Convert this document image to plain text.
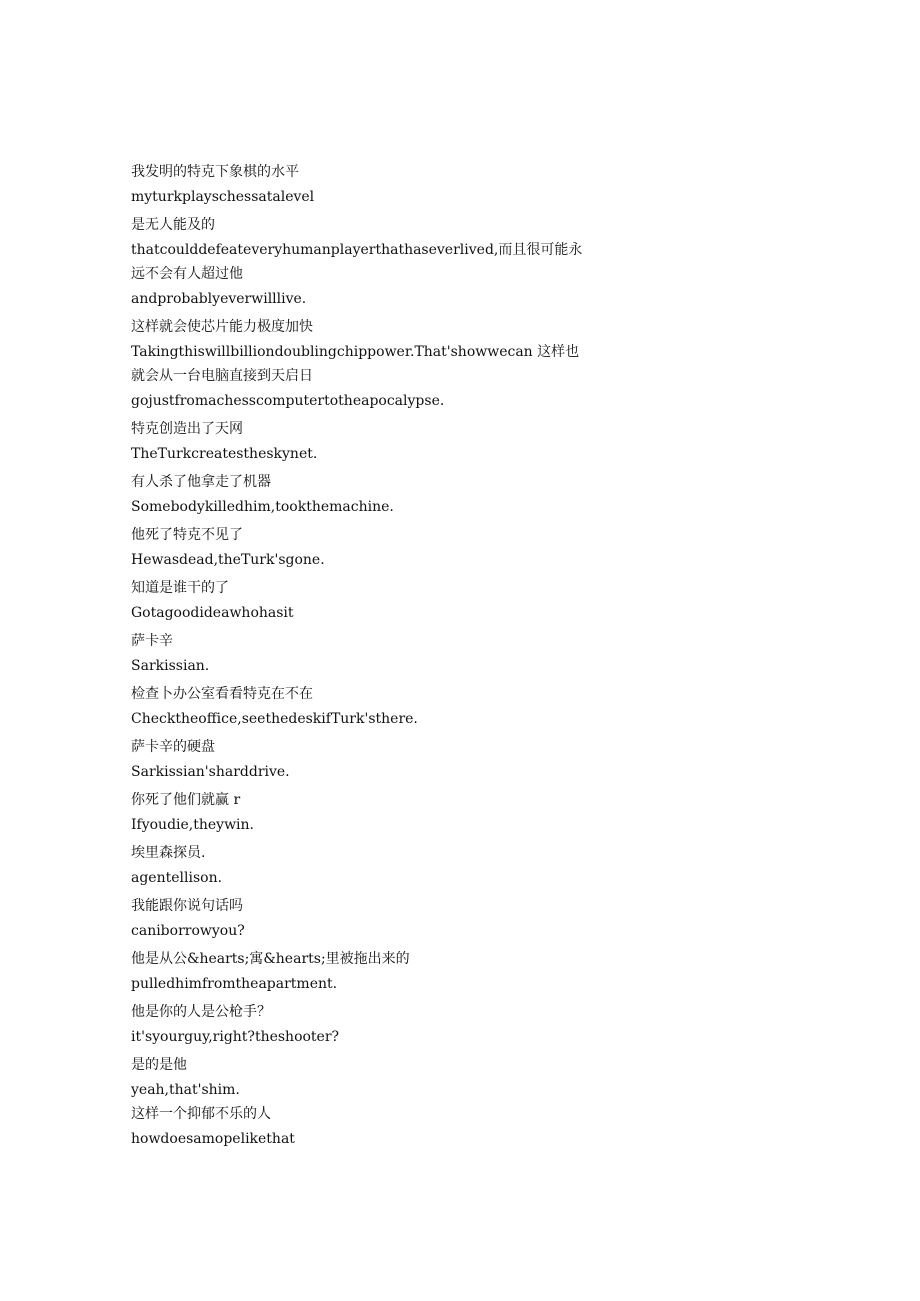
我发明的特克下象棋的水平
myturkplayschessatalevel
是无人能及的
thatcoulddefeateveryhumanplayerthathaseverlived,而且很可能永远不会有人超过他
andprobablyeverwilllive.
这样就会使芯片能力极度加快
Takingthiswillbilliondoublingchippower.That'showwecan 这样也就会从一台电脑直接到天启日
gojustfromachesscomputertotheapocalypse.
特克创造出了天网
TheTurkcreatestheskynet.
有人杀了他拿走了机器
Somebodykilledhim,tookthemachine.
他死了特克不见了
Hewasdead,theTurk'sgone.
知道是谁干的了
Gotagoodideawhohasit
萨卡辛
Sarkissian.
检查卜办公室看看特克在不在
Checktheoffice,seethedeskifTurk'sthere.
萨卡辛的硬盘
Sarkissian'sharddrive.
你死了他们就赢 r
Ifyoudie,theywin.
埃里森探员.
agentellison.
我能跟你说句话吗
caniborrowyou?
他是从公&hearts;寓&hearts;里被拖出来的
pulledhimfromtheapartment.
他是你的人是公枪手？
it'syourguy,right?theshooter?
是的是他
yeah,that'shim.
这样一个抑郁不乐的人
howdoesamopelikethat
